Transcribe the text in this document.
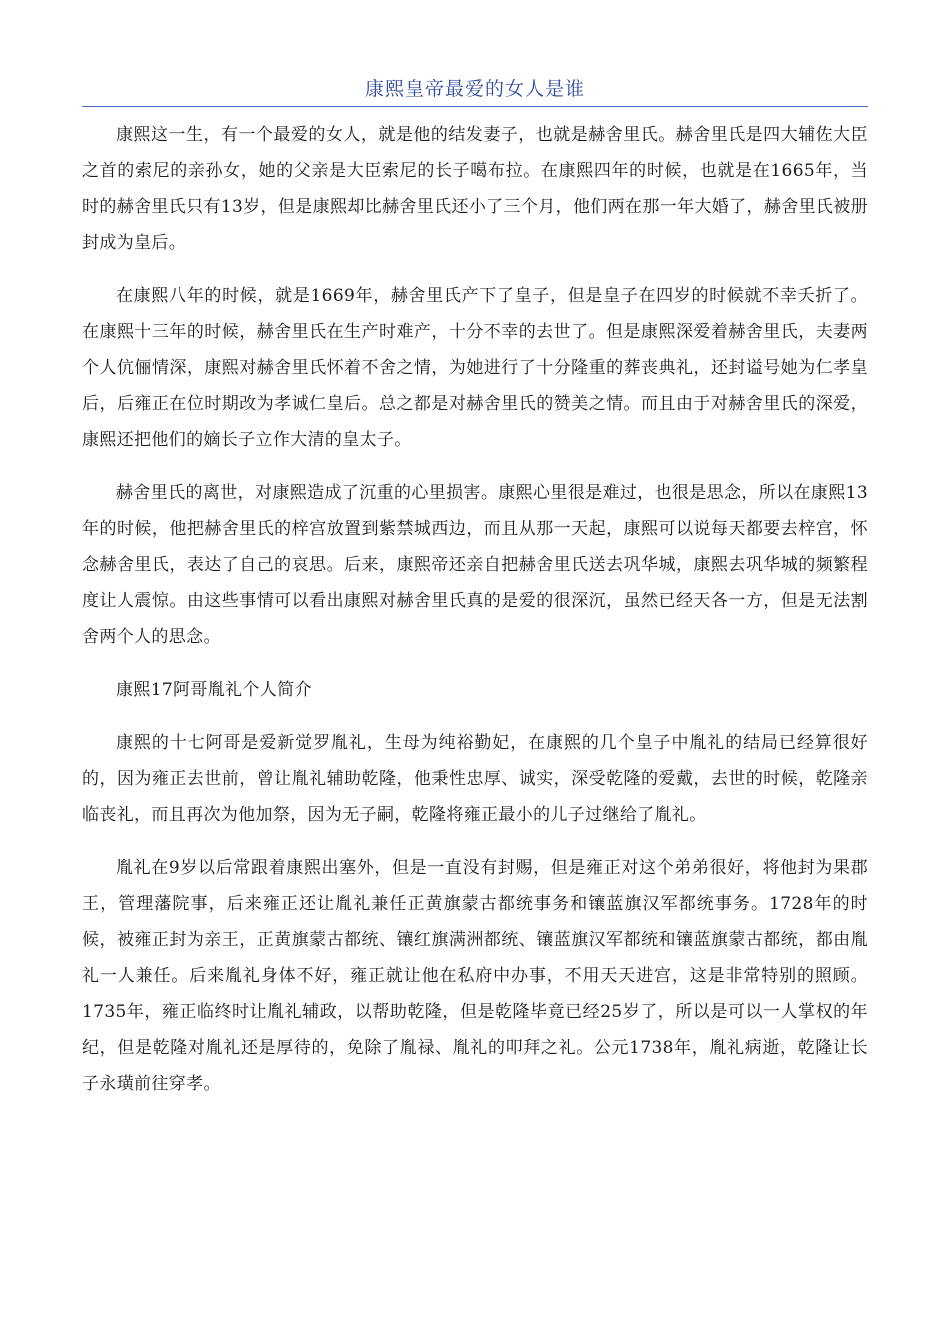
康熙皇帝最爱的女人是谁

康熙这一生，有一个最爱的女人，就是他的结发妻子，也就是赫舍里氏。赫舍里氏是四大辅佐大臣之首的索尼的亲孙女，她的父亲是大臣索尼的长子噶布拉。在康熙四年的时候，也就是在1665年，当时的赫舍里氏只有13岁，但是康熙却比赫舍里氏还小了三个月，他们两在那一年大婚了，赫舍里氏被册封成为皇后。

在康熙八年的时候，就是1669年，赫舍里氏产下了皇子，但是皇子在四岁的时候就不幸夭折了。在康熙十三年的时候，赫舍里氏在生产时难产，十分不幸的去世了。但是康熙深爱着赫舍里氏，夫妻两个人伉俪情深，康熙对赫舍里氏怀着不舍之情，为她进行了十分隆重的葬丧典礼，还封谥号她为仁孝皇后，后雍正在位时期改为孝诚仁皇后。总之都是对赫舍里氏的赞美之情。而且由于对赫舍里氏的深爱，康熙还把他们的嫡长子立作大清的皇太子。

赫舍里氏的离世，对康熙造成了沉重的心里损害。康熙心里很是难过，也很是思念，所以在康熙13年的时候，他把赫舍里氏的梓宫放置到紫禁城西边，而且从那一天起，康熙可以说每天都要去梓宫，怀念赫舍里氏，表达了自己的哀思。后来，康熙帝还亲自把赫舍里氏送去巩华城，康熙去巩华城的频繁程度让人震惊。由这些事情可以看出康熙对赫舍里氏真的是爱的很深沉，虽然已经天各一方，但是无法割舍两个人的思念。

康熙17阿哥胤礼个人简介

康熙的十七阿哥是爱新觉罗胤礼，生母为纯裕勤妃，在康熙的几个皇子中胤礼的结局已经算很好的，因为雍正去世前，曾让胤礼辅助乾隆，他秉性忠厚、诚实，深受乾隆的爱戴，去世的时候，乾隆亲临丧礼，而且再次为他加祭，因为无子嗣，乾隆将雍正最小的儿子过继给了胤礼。

胤礼在9岁以后常跟着康熙出塞外，但是一直没有封赐，但是雍正对这个弟弟很好，将他封为果郡王，管理藩院事，后来雍正还让胤礼兼任正黄旗蒙古都统事务和镶蓝旗汉军都统事务。1728年的时候，被雍正封为亲王，正黄旗蒙古都统、镶红旗满洲都统、镶蓝旗汉军都统和镶蓝旗蒙古都统，都由胤礼一人兼任。后来胤礼身体不好，雍正就让他在私府中办事，不用天天进宫，这是非常特别的照顾。1735年，雍正临终时让胤礼辅政，以帮助乾隆，但是乾隆毕竟已经25岁了，所以是可以一人掌权的年纪，但是乾隆对胤礼还是厚待的，免除了胤禄、胤礼的叩拜之礼。公元1738年，胤礼病逝，乾隆让长子永璜前往穿孝。
